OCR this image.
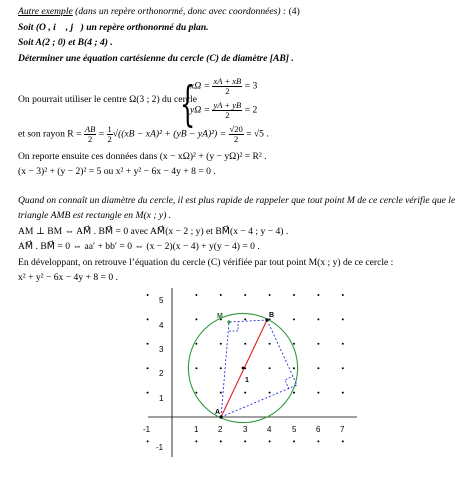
Autre exemple (dans un repère orthonormé, donc avec coordonnées) : (4)
Soit (O , i⃗ , j⃗) un repère orthonormé du plan.
Soit A(2 ; 0) et B(4 ; 4) .
Déterminer une équation cartésienne du cercle (C) de diamètre [AB] .
On pourrait utiliser le centre Ω(3 ; 2) du cercle
{
$x\Omega = \frac{xA + xB}{2} = 3$
$y\Omega = \frac{yA + yB}{2} = 2$
et son rayon $R = \frac{AB}{2} = \frac{1}{2} √((xB - xA)^2 + (yB - yA)^2) = \frac{√20}{2} = √5$ .
On reporte ensuite ces données dans (x − xΩ)² + (y − yΩ)² = R² .
(x − 3)² + (y − 2)² = 5 ou x² + y² − 6x − 4y + 8 = 0 .
Quand on connaît un diamètre du cercle, il est plus rapide de rappeler que tout point M de ce cercle vérifie que le
triangle AMB est rectangle en M(x ; y) .
AM ⊥ BM ⇔ AM⃗ . BM⃗ = 0 avec AM⃗(x − 2 ; y) et BM⃗(x − 4 ; y − 4) .
AM⃗ . BM⃗ = 0 ⇔ aa′ + bb′ = 0 ⇔ (x − 2)(x − 4) + y(y − 4) = 0 .
En développant, on retrouve l’équation du cercle (C) vérifiée par tout point M(x ; y) de ce cercle :
x² + y² − 6x − 4y + 8 = 0 .
-1	1 2	3 4	5 6 7
5
4
3
2
1
-1
M	B
A
1
